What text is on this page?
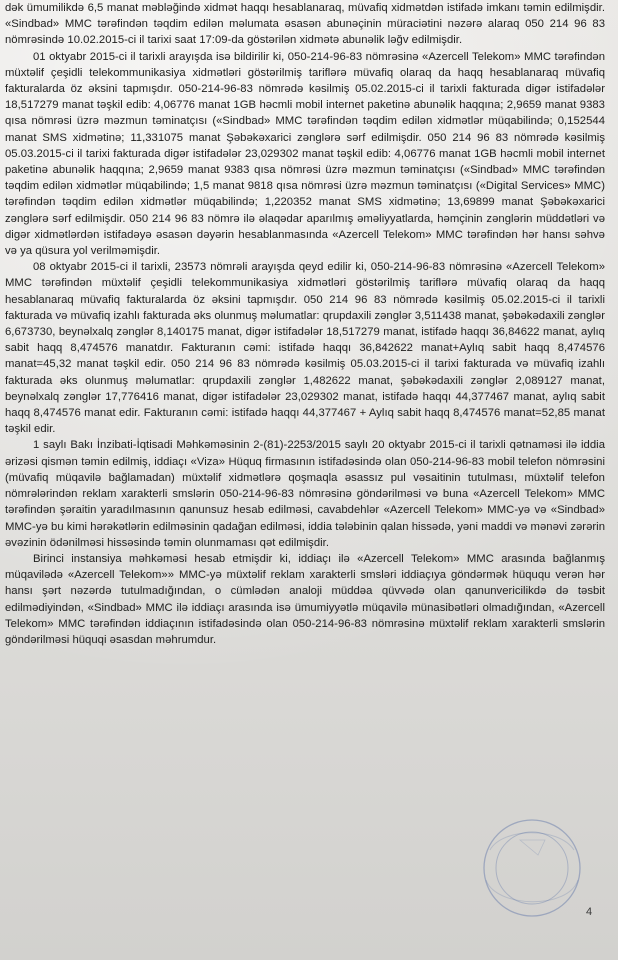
dək ümumilikdə 6,5 manat məbləğində xidmət haqqı hesablanaraq, müvafiq xidmətdən istifadə imkanı təmin edilmişdir. «Sindbad» MMC tərəfindən təqdim edilən məlumata əsasən abunəçinin müraciətini nəzərə alaraq 050 214 96 83 nömrəsində 10.02.2015-ci il tarixi saat 17:09-da göstərilən xidmətə abunəlik ləğv edilmişdir.

01 oktyabr 2015-ci il tarixli arayışda isə bildirilir ki, 050-214-96-83 nömrəsinə «Azercell Telekom» MMC tərəfindən müxtəlif çeşidli telekommunikasiya xidmətləri göstərilmiş tariflərə müvafiq olaraq da haqq hesablanaraq müvafiq fakturalarda öz əksini tapmışdır. 050-214-96-83 nömrədə kəsilmiş 05.02.2015-ci il tarixli fakturada digər istifadələr 18,517279 manat təşkil edib: 4,06776 manat 1GB həcmli mobil internet paketinə abunəlik haqqına; 2,9659 manat 9383 qısa nömrəsi üzrə məzmun təminatçısı («Sindbad» MMC tərəfindən təqdim edilən xidmətlər müqabilində; 0,152544 manat SMS xidmətinə; 11,331075 manat Şəbəkəxarici zənglərə sərf edilmişdir. 050 214 96 83 nömrədə kəsilmiş 05.03.2015-ci il tarixi fakturada digər istifadələr 23,029302 manat təşkil edib: 4,06776 manat 1GB həcmli mobil internet paketinə abunəlik haqqına; 2,9659 manat 9383 qısa nömrəsi üzrə məzmun təminatçısı («Sindbad» MMC tərəfindən təqdim edilən xidmətlər müqabilində; 1,5 manat 9818 qısa nömrəsi üzrə məzmun təminatçısı («Digital Services» MMC) tərəfindən təqdim edilən xidmətlər müqabilində; 1,220352 manat SMS xidmətinə; 13,69899 manat Şəbəkəxarici zənglərə sərf edilmişdir. 050 214 96 83 nömrə ilə əlaqədar aparılmış əməliyyatlarda, həmçinin zənglərin müddətləri və digər xidmətlərdən istifadəyə əsasən dəyərin hesablanmasında «Azercell Telekom» MMC tərəfindən hər hansı səhvə və ya qüsura yol verilməmişdir.

08 oktyabr 2015-ci il tarixli, 23573 nömrəli arayışda qeyd edilir ki, 050-214-96-83 nömrəsinə «Azercell Telekom» MMC tərəfindən müxtəlif çeşidli telekommunikasiya xidmətləri göstərilmiş tariflərə müvafiq olaraq da haqq hesablanaraq müvafiq fakturalarda öz əksini tapmışdır. 050 214 96 83 nömrədə kəsilmiş 05.02.2015-ci il tarixli fakturada və müvafiq izahlı fakturada əks olunmuş məlumatlar: qrupdaxili zənglər 3,511438 manat, şəbəkədaxili zənglər 6,673730, beynəlxalq zənglər 8,140175 manat, digər istifadələr 18,517279 manat, istifadə haqqı 36,84622 manat, aylıq sabit haqq 8,474576 manatdır. Fakturanın cəmi: istifadə haqqı 36,842622 manat+Aylıq sabit haqq 8,474576 manat=45,32 manat təşkil edir. 050 214 96 83 nömrədə kəsilmiş 05.03.2015-ci il tarixi fakturada və müvafiq izahlı fakturada əks olunmuş məlumatlar: qrupdaxili zənglər 1,482622 manat, şəbəkədaxili zənglər 2,089127 manat, beynəlxalq zənglər 17,776416 manat, digər istifadələr 23,029302 manat, istifadə haqqı 44,377467 manat, aylıq sabit haqq 8,474576 manat edir. Fakturanın cəmi: istifadə haqqı 44,377467 + Aylıq sabit haqq 8,474576 manat=52,85 manat təşkil edir.

1 saylı Bakı İnzibati-İqtisadi Məhkəməsinin 2-(81)-2253/2015 saylı 20 oktyabr 2015-ci il tarixli qətnaməsi ilə iddia ərizəsi qismən təmin edilmiş, iddiaçı «Viza» Hüquq firmasının istifadəsində olan 050-214-96-83 mobil telefon nömrəsini (müvafiq müqavilə bağlamadan) müxtəlif xidmətlərə qoşmaqla əsassız pul vəsaitinin tutulması, müxtəlif telefon nömrələrindən reklam xarakterli smslərin 050-214-96-83 nömrəsinə göndərilməsi və buna «Azercell Telekom» MMC tərəfindən şəraitin yaradılmasının qanunsuz hesab edilməsi, cavabdehlər «Azercell Telekom» MMC-yə və «Sindbad» MMC-yə bu kimi hərəkətlərin edilməsinin qadağan edilməsi, iddia tələbinin qalan hissədə, yəni maddi və mənəvi zərərin əvəzinin ödənilməsi hissəsində təmin olunmaması qət edilmişdir.

Birinci instansiya məhkəməsi hesab etmişdir ki, iddiaçı ilə «Azercell Telekom» MMC arasında bağlanmış müqavilədə «Azercell Telekom»» MMC-yə müxtəlif reklam xarakterli smsləri iddiaçıya göndərmək hüququ verən hər hansı şərt nəzərdə tutulmadığından, o cümlədən analoji müddəa qüvvədə olan qanunvericilikdə də təsbit edilmədiyindən, «Sindbad» MMC ilə iddiaçı arasında isə ümumiyyətlə müqavilə münasibətləri olmadığından, «Azercell Telekom» MMC tərəfindən iddiaçının istifadəsində olan 050-214-96-83 nömrəsinə müxtəlif reklam xarakterli smslərin göndərilməsi hüquqi əsasdan məhrumdur.

4
